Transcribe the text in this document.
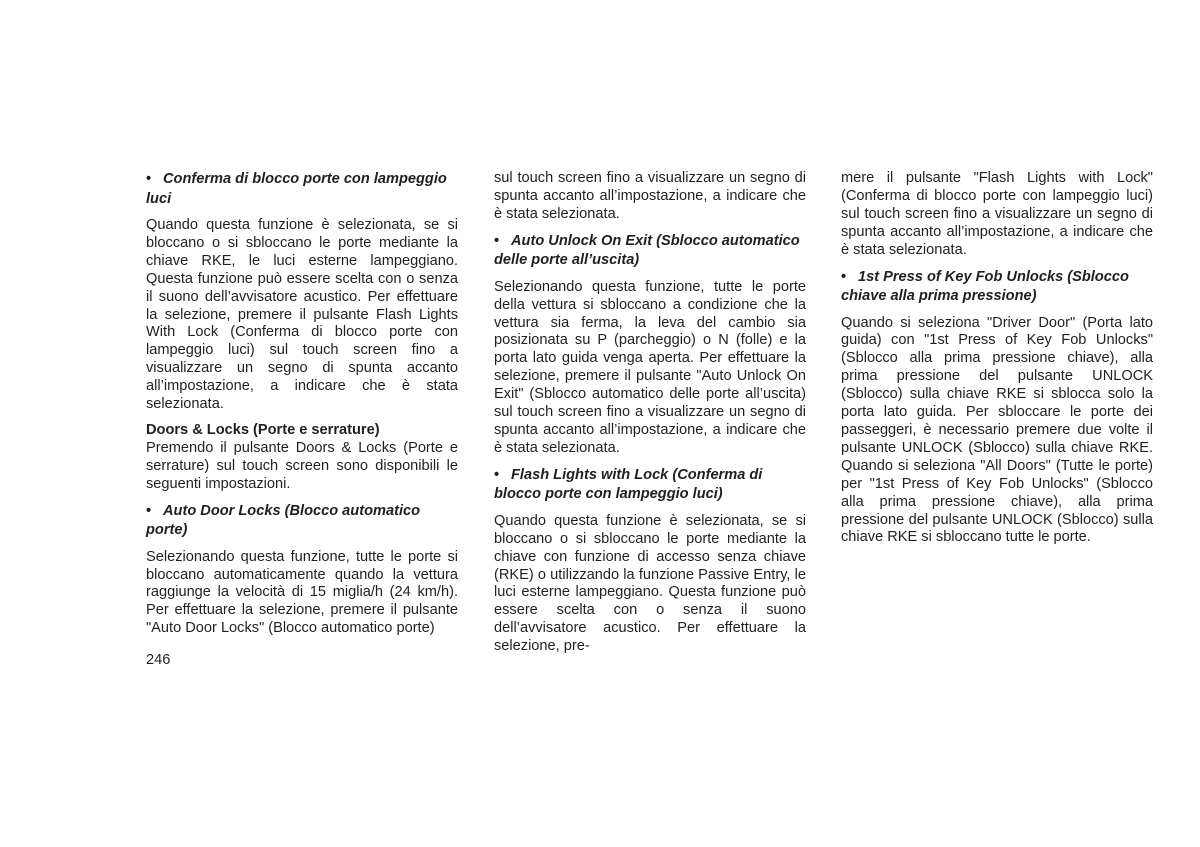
• Conferma di blocco porte con lampeggio luci
Quando questa funzione è selezionata, se si bloccano o si sbloccano le porte mediante la chiave RKE, le luci esterne lampeggiano. Questa funzione può essere scelta con o senza il suono dell’avvisatore acustico. Per effettuare la selezione, premere il pulsante Flash Lights With Lock (Conferma di blocco porte con lampeggio luci) sul touch screen fino a visualizzare un segno di spunta accanto all’impostazione, a indicare che è stata selezionata.
Doors & Locks (Porte e serrature)
Premendo il pulsante Doors & Locks (Porte e serrature) sul touch screen sono disponibili le seguenti impostazioni.
• Auto Door Locks (Blocco automatico porte)
Selezionando questa funzione, tutte le porte si bloccano automaticamente quando la vettura raggiunge la velocità di 15 miglia/h (24 km/h). Per effettuare la selezione, premere il pulsante "Auto Door Locks" (Blocco automatico porte)
sul touch screen fino a visualizzare un segno di spunta accanto all’impostazione, a indicare che è stata selezionata.
• Auto Unlock On Exit (Sblocco automatico delle porte all’uscita)
Selezionando questa funzione, tutte le porte della vettura si sbloccano a condizione che la vettura sia ferma, la leva del cambio sia posizionata su P (parcheggio) o N (folle) e la porta lato guida venga aperta. Per effettuare la selezione, premere il pulsante "Auto Unlock On Exit" (Sblocco automatico delle porte all’uscita) sul touch screen fino a visualizzare un segno di spunta accanto all’impostazione, a indicare che è stata selezionata.
• Flash Lights with Lock (Conferma di blocco porte con lampeggio luci)
Quando questa funzione è selezionata, se si bloccano o si sbloccano le porte mediante la chiave con funzione di accesso senza chiave (RKE) o utilizzando la funzione Passive Entry, le luci esterne lampeggiano. Questa funzione può essere scelta con o senza il suono dell’avvisatore acustico. Per effettuare la selezione, pre-
mere il pulsante "Flash Lights with Lock" (Conferma di blocco porte con lampeggio luci) sul touch screen fino a visualizzare un segno di spunta accanto all’impostazione, a indicare che è stata selezionata.
• 1st Press of Key Fob Unlocks (Sblocco chiave alla prima pressione)
Quando si seleziona "Driver Door" (Porta lato guida) con "1st Press of Key Fob Unlocks" (Sblocco alla prima pressione chiave), alla prima pressione del pulsante UNLOCK (Sblocco) sulla chiave RKE si sblocca solo la porta lato guida. Per sbloccare le porte dei passeggeri, è necessario premere due volte il pulsante UNLOCK (Sblocco) sulla chiave RKE. Quando si seleziona "All Doors" (Tutte le porte) per "1st Press of Key Fob Unlocks" (Sblocco alla prima pressione chiave), alla prima pressione del pulsante UNLOCK (Sblocco) sulla chiave RKE si sbloccano tutte le porte.
246
